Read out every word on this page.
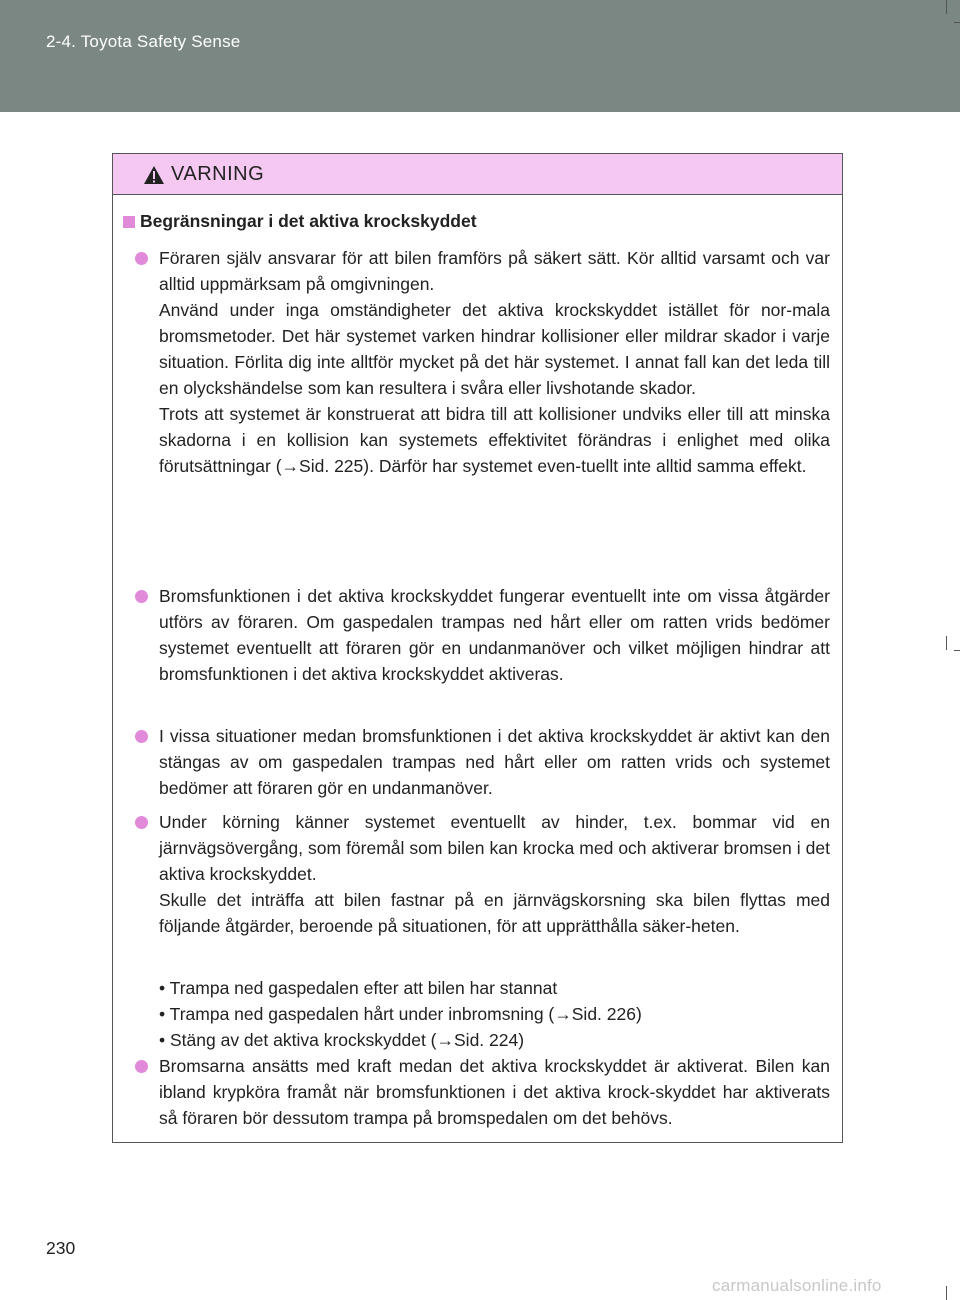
2-4. Toyota Safety Sense
VARNING
Begränsningar i det aktiva krockskyddet

Föraren själv ansvarar för att bilen framförs på säkert sätt. Kör alltid varsamt och var alltid uppmärksam på omgivningen.

Använd under inga omständigheter det aktiva krockskyddet istället för nor-mala bromsmetoder. Det här systemet varken hindrar kollisioner eller mildrar skador i varje situation. Förlita dig inte alltför mycket på det här systemet. I annat fall kan det leda till en olyckshändelse som kan resultera i svåra eller livshotande skador.

Trots att systemet är konstruerat att bidra till att kollisioner undviks eller till att minska skadorna i en kollision kan systemets effektivitet förändras i enlighet med olika förutsättningar (→Sid. 225). Därför har systemet even-tuellt inte alltid samma effekt.

Bromsfunktionen i det aktiva krockskyddet fungerar eventuellt inte om vissa åtgärder utförs av föraren. Om gaspedalen trampas ned hårt eller om ratten vrids bedömer systemet eventuellt att föraren gör en undanmanöver och vilket möjligen hindrar att bromsfunktionen i det aktiva krockskyddet aktiveras.

I vissa situationer medan bromsfunktionen i det aktiva krockskyddet är aktivt kan den stängas av om gaspedalen trampas ned hårt eller om ratten vrids och systemet bedömer att föraren gör en undanmanöver.

Under körning känner systemet eventuellt av hinder, t.ex. bommar vid en järnvägsövergång, som föremål som bilen kan krocka med och aktiverar bromsen i det aktiva krockskyddet.

Skulle det inträffa att bilen fastnar på en järnvägskorsning ska bilen flyttas med följande åtgärder, beroende på situationen, för att upprätthålla säker-heten.

• Trampa ned gaspedalen efter att bilen har stannat

• Trampa ned gaspedalen hårt under inbromsning (→Sid. 226)

• Stäng av det aktiva krockskyddet (→Sid. 224)

Bromsarna ansätts med kraft medan det aktiva krockskyddet är aktiverat. Bilen kan ibland krypköra framåt när bromsfunktionen i det aktiva krock-skyddet har aktiverats så föraren bör dessutom trampa på bromspedalen om det behövs.

230
carmanualsonline.info
